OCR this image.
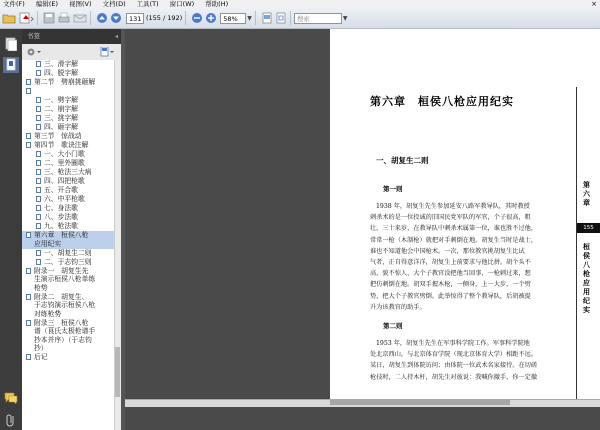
文件(F) 编辑(E) 视图(V) 文档(D) 工具(T) 窗口(W) 帮助(H)	×
131 (155 / 192)	58%	▼	搜索	▼
书签	◂
三、滑字解
四、脱字解
第二节　劈崩挑砸解
一、劈字解
二、崩字解
三、挑字解
四、砸字解
第三节　惊战动
第四节　歌诀注解
一、大小门歌
二、里外圈歌
三、枪法三大病
四、四把枪歌
五、开合歌
六、中平枪歌
七、身法歌
八、步法歌
九、枪法歌
第六章　桓侯八枪
应用纪实
一、胡复生二则
二、于志钧三则
附录一　胡复生先
生演示桓侯八枪单练
枪势
附录二　胡复生、
于志钧演示桓侯八枪
对练枪势
附录三　桓侯八枪
谱（茛氏太极枪谱手
抄本并序）（于志钧
抄）
后记
第六章　桓侯八枪应用纪实
一、胡复生二则
第一则
1938 年，胡复生先生参加延安八路军教导队，其时教授
刺杀术的是一位投诚的旧国民党军队的军官，个子很高，粗
壮，三十来岁，在教导队中刺杀术属第一位，谁也胜不过他，
常常一枪（木制枪）就把对手刺倒在地。胡复生当时是战士，
谁也不知道他会中国枪术。一次，那位教官挑胡复生比试
气者，正自得意洋洋，胡复生上前要求与他比拼。胡个头不
高，貌不惊人，大个子教官没把他当回事，一枪刺过来，想
把仿刺倒在地。胡双手握木枪，一侧身，上一大步，一个劈
势，把大个子教官劈倒。此举惊得了整个教导队，后胡被提
升为该教官的助手。
第二则
1953 年，胡复生先生在军事科学院工作。军事科学院地
处北京西山，与北京体育学院（现北京体育大学）相距不远。
某日，胡复生到体院访问；由体院一位武术名家接待。在切磋
枪技时，二人持木杆，胡先生对彼说：我喊你撤手，你一定撤
第六章
155
桓侯八枪应用纪实
